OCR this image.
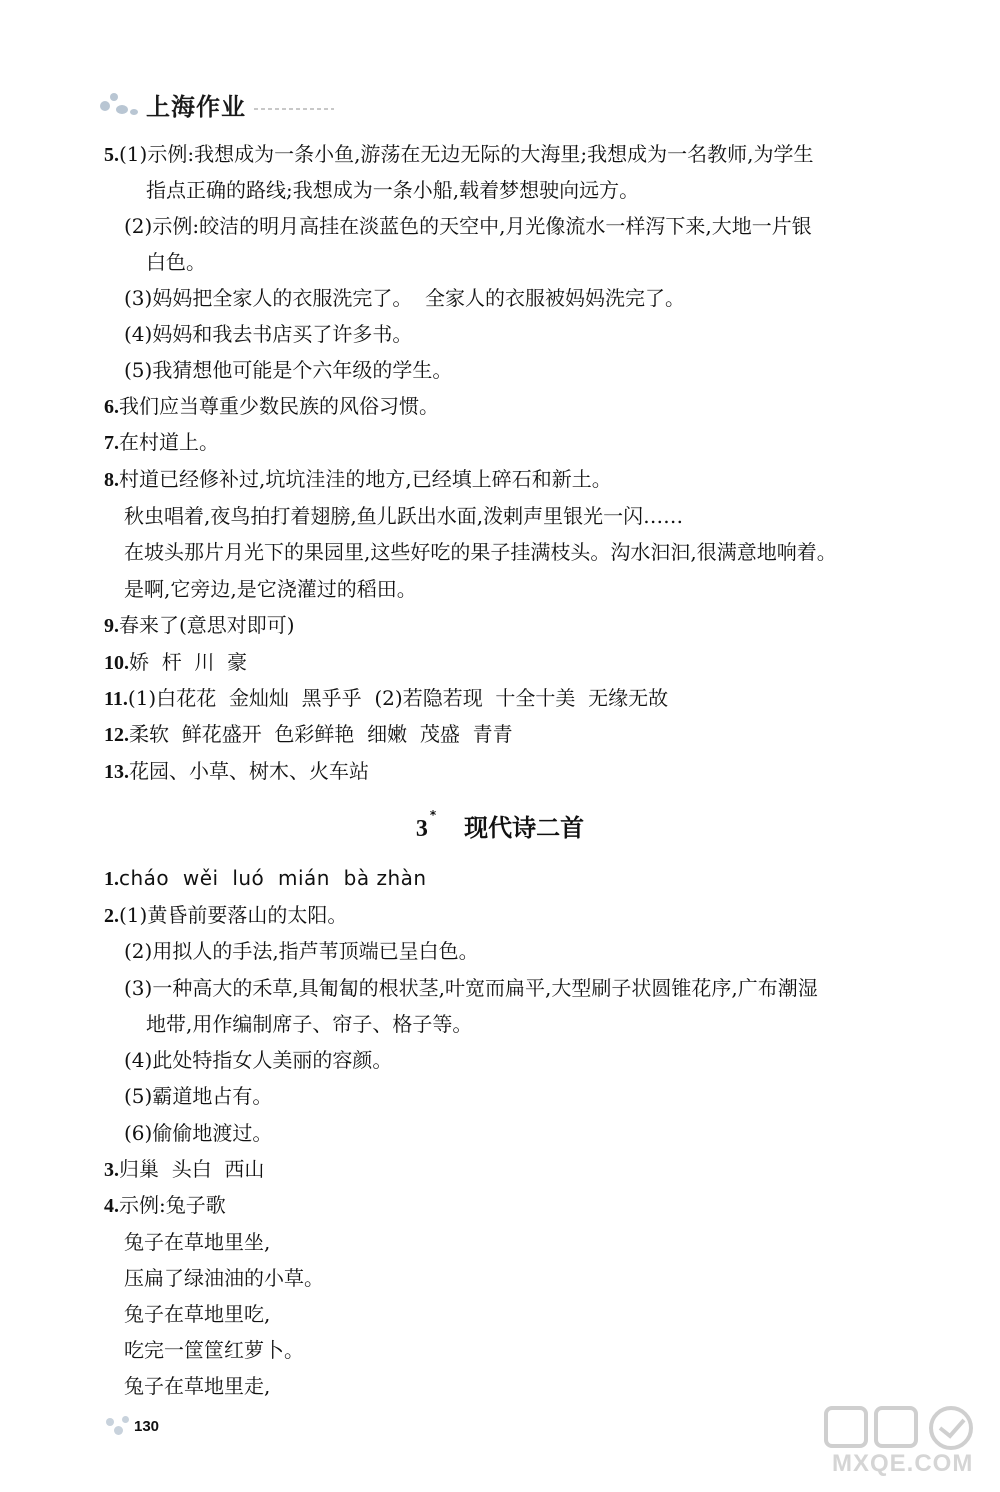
上海作业
5.(1)示例:我想成为一条小鱼,游荡在无边无际的大海里;我想成为一名教师,为学生
指点正确的路线;我想成为一条小船,载着梦想驶向远方。
(2)示例:皎洁的明月高挂在淡蓝色的天空中,月光像流水一样泻下来,大地一片银
白色。
(3)妈妈把全家人的衣服洗完了。  全家人的衣服被妈妈洗完了。
(4)妈妈和我去书店买了许多书。
(5)我猜想他可能是个六年级的学生。
6.我们应当尊重少数民族的风俗习惯。
7.在村道上。
8.村道已经修补过,坑坑洼洼的地方,已经填上碎石和新土。
秋虫唱着,夜鸟拍打着翅膀,鱼儿跃出水面,泼剌声里银光一闪……
在坡头那片月光下的果园里,这些好吃的果子挂满枝头。沟水汩汩,很满意地响着。
是啊,它旁边,是它浇灌过的稻田。
9.春来了(意思对即可)
10.娇  杆  川  豪
11.(1)白花花  金灿灿  黑乎乎  (2)若隐若现  十全十美  无缘无故
12.柔软  鲜花盛开  色彩鲜艳  细嫩  茂盛  青青
13.花园、小草、树木、火车站
3* 现代诗二首
1.cháo  wěi  luó  mián  bà zhàn
2.(1)黄昏前要落山的太阳。
(2)用拟人的手法,指芦苇顶端已呈白色。
(3)一种高大的禾草,具匍匐的根状茎,叶宽而扁平,大型刷子状圆锥花序,广布潮湿
地带,用作编制席子、帘子、格子等。
(4)此处特指女人美丽的容颜。
(5)霸道地占有。
(6)偷偷地渡过。
3.归巢  头白  西山
4.示例:兔子歌
兔子在草地里坐,
压扁了绿油油的小草。
兔子在草地里吃,
吃完一筐筐红萝卜。
兔子在草地里走,
130
MXQE.COM
